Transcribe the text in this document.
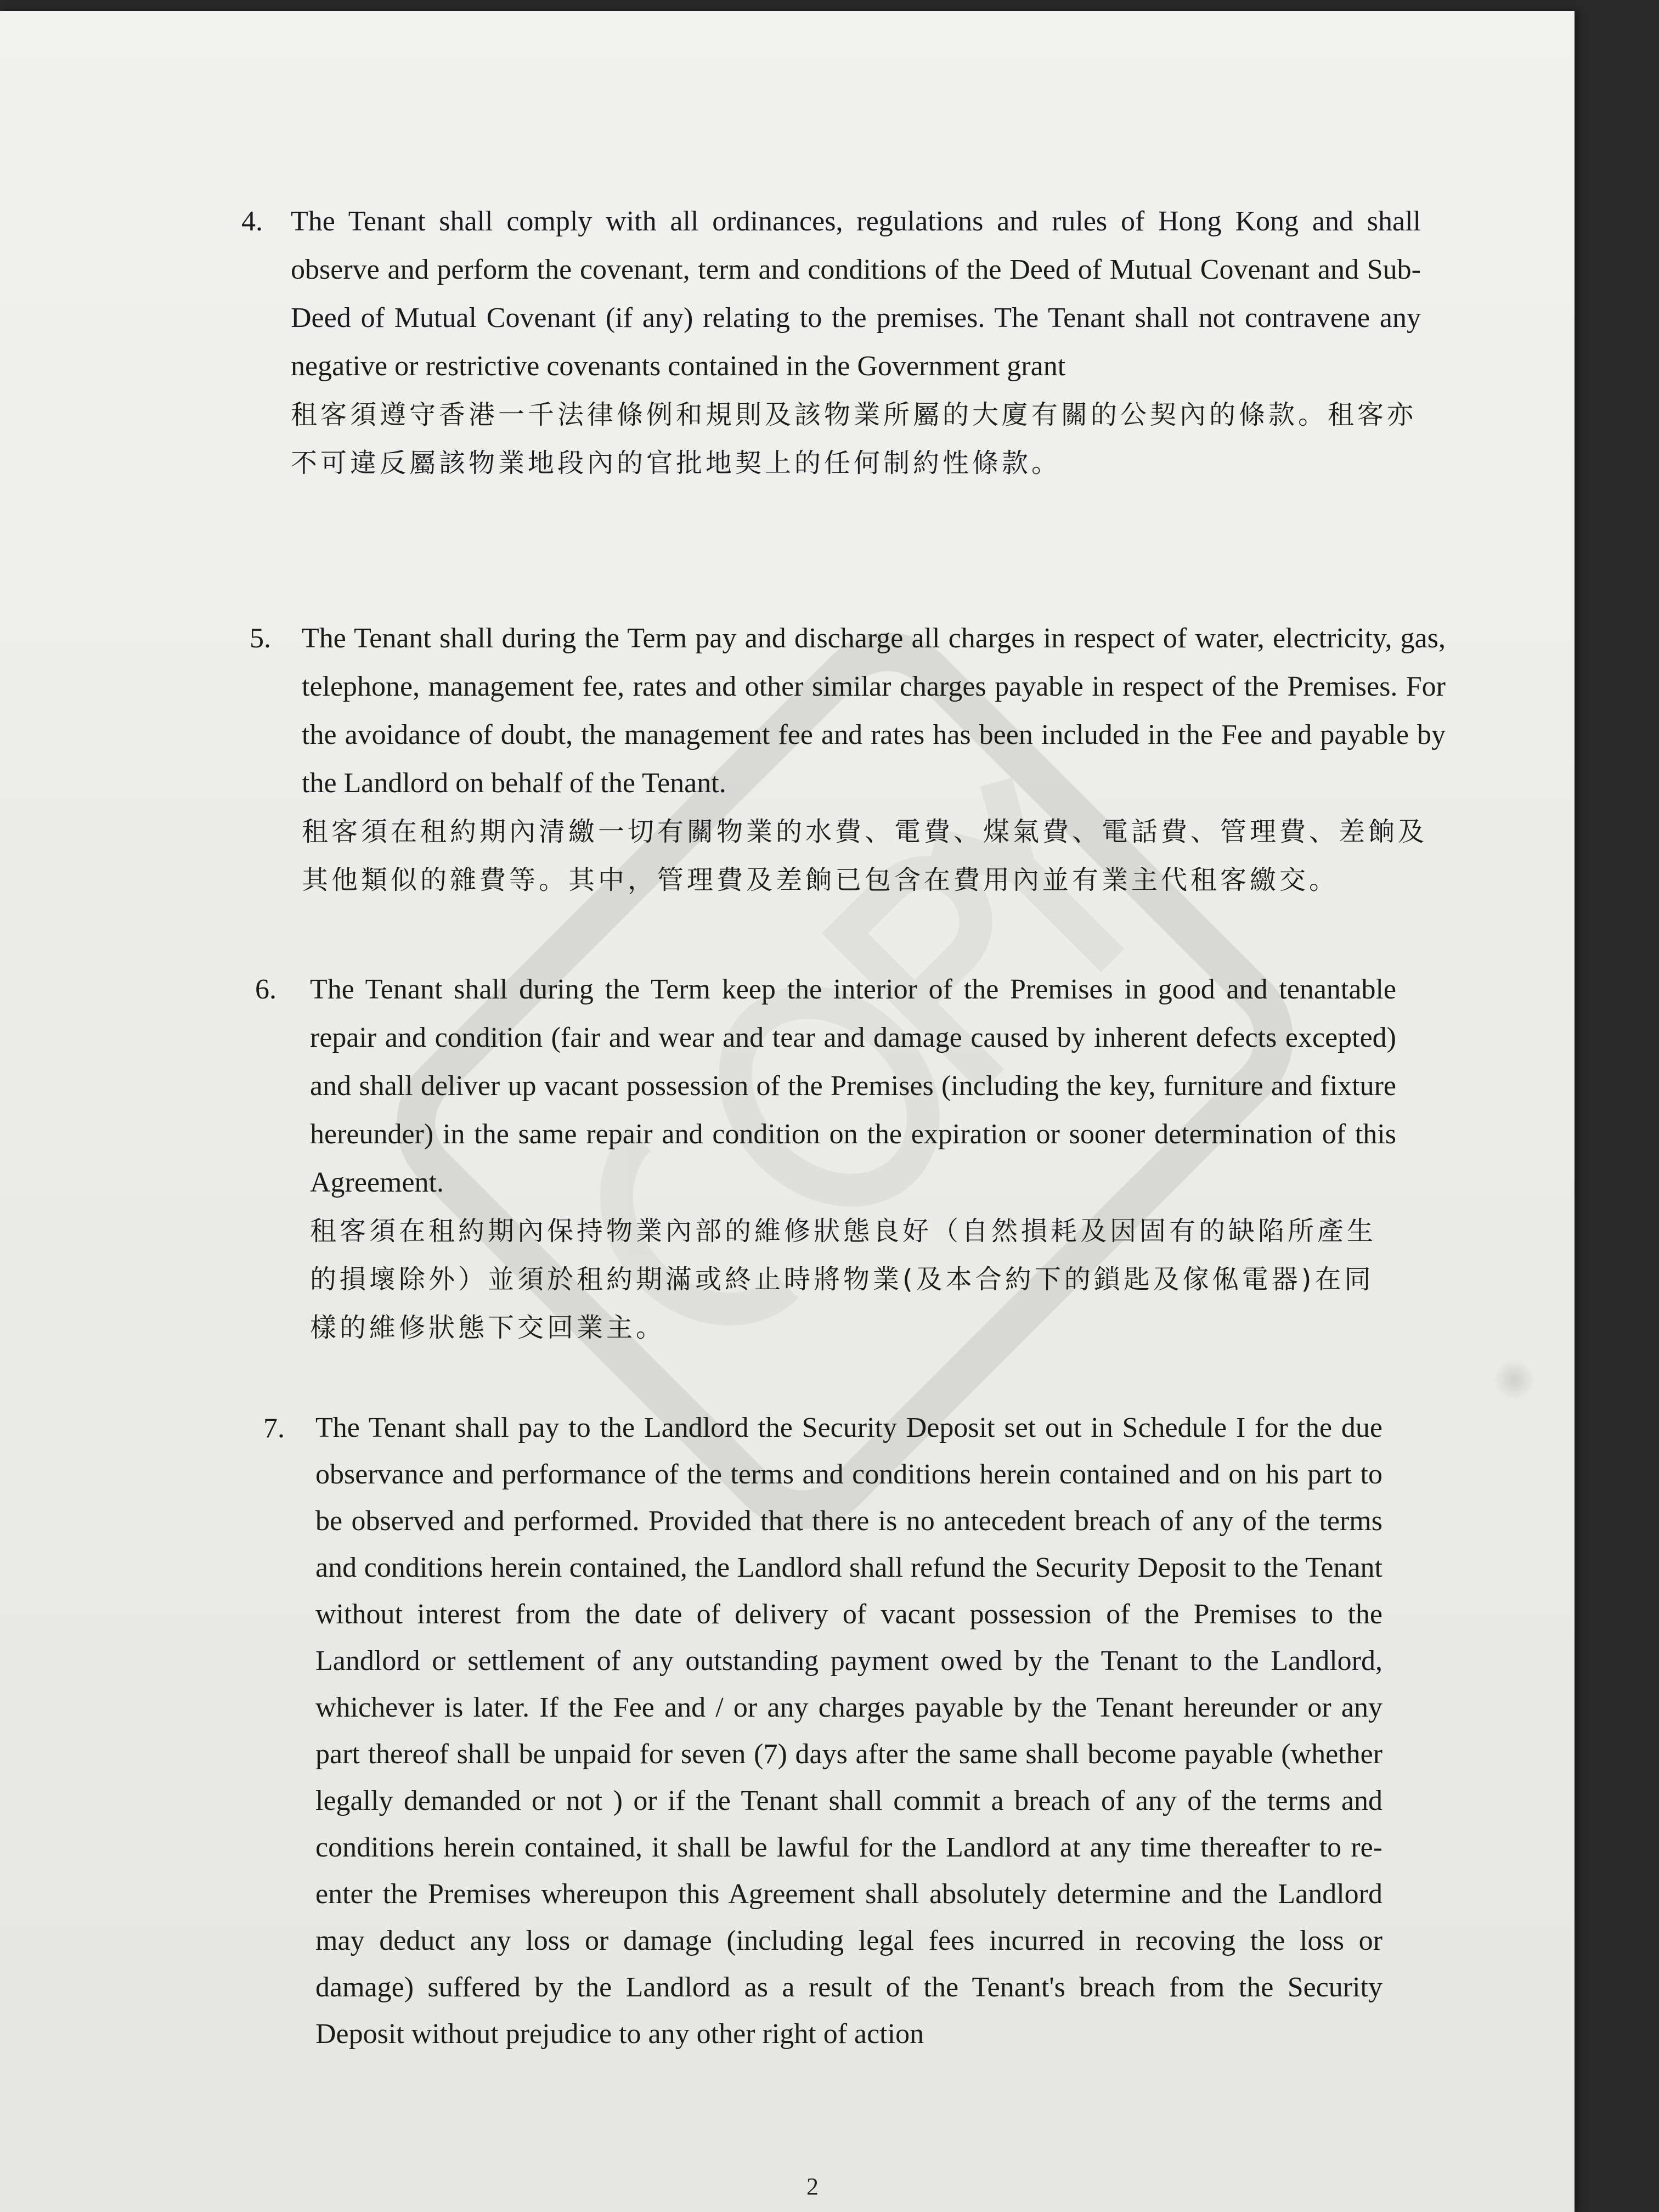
4. The Tenant shall comply with all ordinances, regulations and rules of Hong Kong and shall observe and perform the covenant, term and conditions of the Deed of Mutual Covenant and Sub-Deed of Mutual Covenant (if any) relating to the premises. The Tenant shall not contravene any negative or restrictive covenants contained in the Government grant

租客須遵守香港一千法律條例和規則及該物業所屬的大廈有關的公契內的條款。租客亦不可違反屬該物業地段內的官批地契上的任何制約性條款。

5. The Tenant shall during the Term pay and discharge all charges in respect of water, electricity, gas, telephone, management fee, rates and other similar charges payable in respect of the Premises. For the avoidance of doubt, the management fee and rates has been included in the Fee and payable by the Landlord on behalf of the Tenant.

租客須在租約期內清繳一切有關物業的水費、電費、煤氣費、電話費、管理費、差餉及其他類似的雜費等。其中，管理費及差餉已包含在費用內並有業主代租客繳交。

6. The Tenant shall during the Term keep the interior of the Premises in good and tenantable repair and condition (fair and wear and tear and damage caused by inherent defects excepted) and shall deliver up vacant possession of the Premises (including the key, furniture and fixture hereunder) in the same repair and condition on the expiration or sooner determination of this Agreement.

租客須在租約期內保持物業內部的維修狀態良好（自然損耗及因固有的缺陷所產生的損壞除外）並須於租約期滿或終止時將物業(及本合約下的鎖匙及傢俬電器)在同樣的維修狀態下交回業主。

7. The Tenant shall pay to the Landlord the Security Deposit set out in Schedule I for the due observance and performance of the terms and conditions herein contained and on his part to be observed and performed. Provided that there is no antecedent breach of any of the terms and conditions herein contained, the Landlord shall refund the Security Deposit to the Tenant without interest from the date of delivery of vacant possession of the Premises to the Landlord or settlement of any outstanding payment owed by the Tenant to the Landlord, whichever is later. If the Fee and / or any charges payable by the Tenant hereunder or any part thereof shall be unpaid for seven (7) days after the same shall become payable (whether legally demanded or not ) or if the Tenant shall commit a breach of any of the terms and conditions herein contained, it shall be lawful for the Landlord at any time thereafter to re-enter the Premises whereupon this Agreement shall absolutely determine and the Landlord may deduct any loss or damage (including legal fees incurred in recoving the loss or damage) suffered by the Landlord as a result of the Tenant's breach from the Security Deposit without prejudice to any other right of action

2
